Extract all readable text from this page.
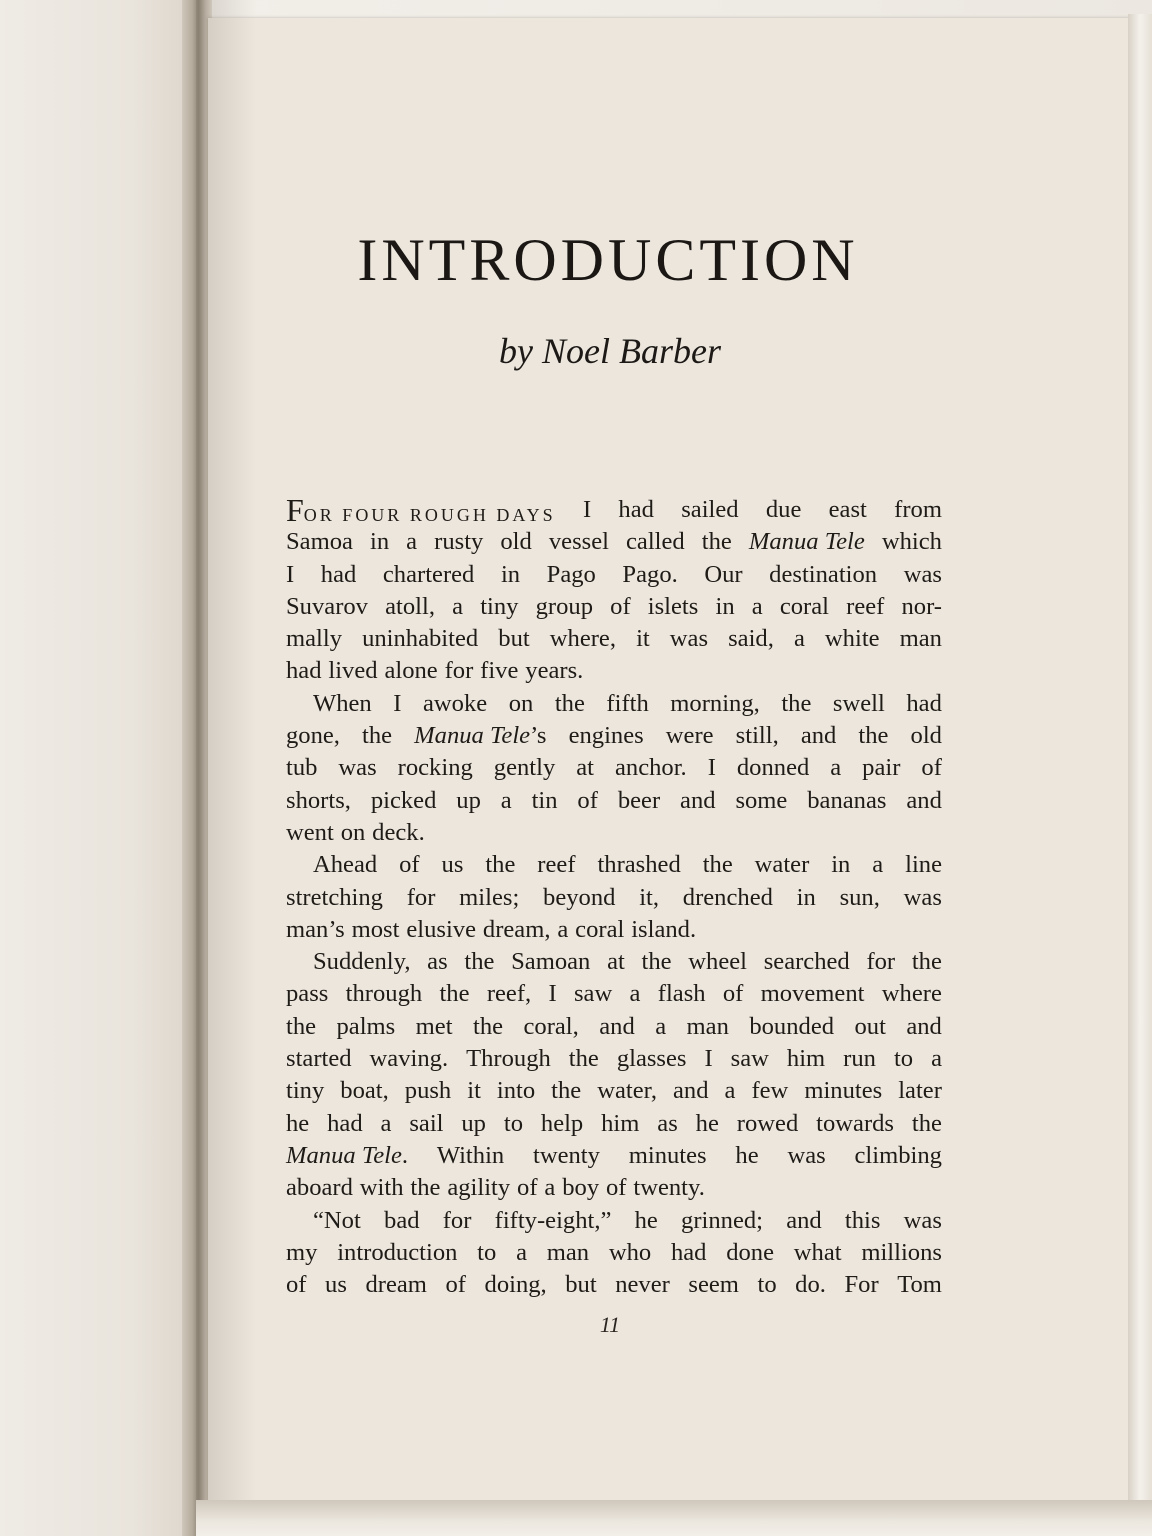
INTRODUCTION

by Noel Barber

FOR FOUR ROUGH DAYS I had sailed due east from
Samoa in a rusty old vessel called the Manua Tele which
I had chartered in Pago Pago. Our destination was
Suvarov atoll, a tiny group of islets in a coral reef nor-
mally uninhabited but where, it was said, a white man
had lived alone for five years.
When I awoke on the fifth morning, the swell had
gone, the Manua Tele’s engines were still, and the old
tub was rocking gently at anchor. I donned a pair of
shorts, picked up a tin of beer and some bananas and
went on deck.
Ahead of us the reef thrashed the water in a line
stretching for miles; beyond it, drenched in sun, was
man’s most elusive dream, a coral island.
Suddenly, as the Samoan at the wheel searched for the
pass through the reef, I saw a flash of movement where
the palms met the coral, and a man bounded out and
started waving. Through the glasses I saw him run to a
tiny boat, push it into the water, and a few minutes later
he had a sail up to help him as he rowed towards the
Manua Tele. Within twenty minutes he was climbing
aboard with the agility of a boy of twenty.
“Not bad for fifty-eight,” he grinned; and this was
my introduction to a man who had done what millions
of us dream of doing, but never seem to do. For Tom
11
